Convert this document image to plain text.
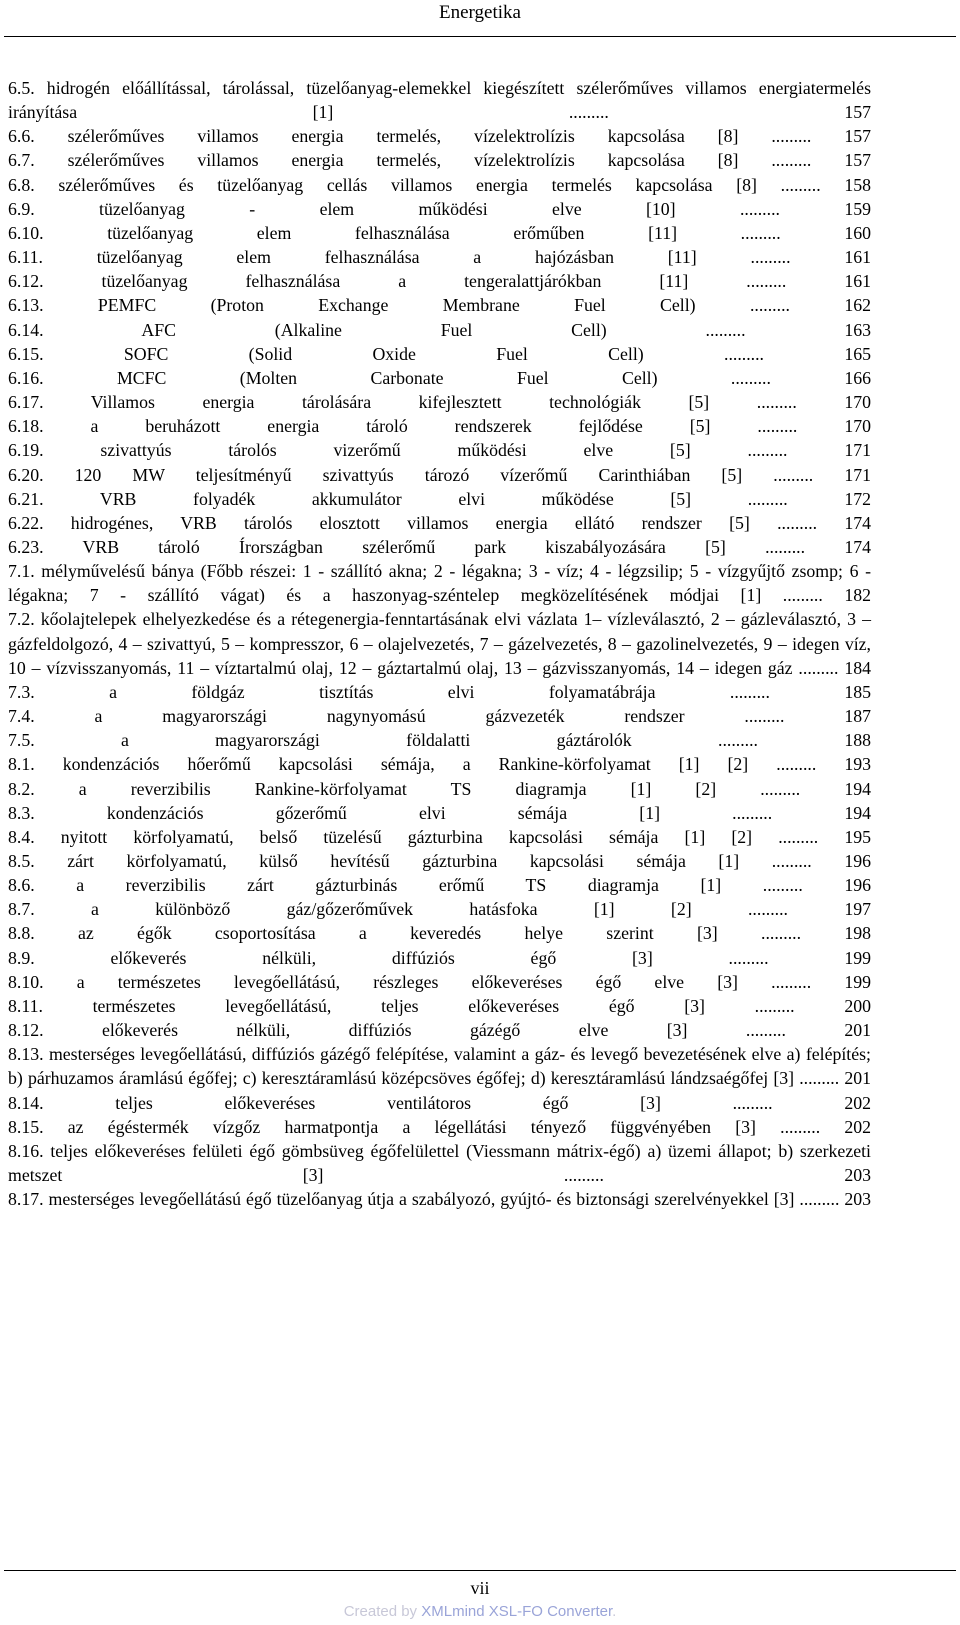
Energetika

6.5. hidrogén előállítással, tárolással, tüzelőanyag-elemekkel kiegészített szélerőműves villamos energiatermelés irányítása [1] ......... 157

6.6. szélerőműves villamos energia termelés, vízelektrolízis kapcsolása [8] ......... 157

6.7. szélerőműves villamos energia termelés, vízelektrolízis kapcsolása [8] ......... 157

6.8. szélerőműves és tüzelőanyag cellás villamos energia termelés kapcsolása [8] ......... 158

6.9. tüzelőanyag - elem működési elve [10] ......... 159

6.10. tüzelőanyag elem felhasználása erőműben [11] ......... 160

6.11. tüzelőanyag elem felhasználása a hajózásban [11] ......... 161

6.12. tüzelőanyag felhasználása a tengeralattjárókban [11] ......... 161

6.13. PEMFC (Proton Exchange Membrane Fuel Cell) ......... 162

6.14. AFC (Alkaline Fuel Cell) ......... 163

6.15. SOFC (Solid Oxide Fuel Cell) ......... 165

6.16. MCFC (Molten Carbonate Fuel Cell) ......... 166

6.17. Villamos energia tárolására kifejlesztett technológiák [5] ......... 170

6.18. a beruházott energia tároló rendszerek fejlődése [5] ......... 170

6.19. szivattyús tárolós vizerőmű működési elve [5] ......... 171

6.20. 120 MW teljesítményű szivattyús tározó vízerőmű Carinthiában [5] ......... 171

6.21. VRB folyadék akkumulátor elvi működése [5] ......... 172

6.22. hidrogénes, VRB tárolós elosztott villamos energia ellátó rendszer [5] ......... 174

6.23. VRB tároló Írországban szélerőmű park kiszabályozására [5] ......... 174

7.1. mélyművelésű bánya (Főbb részei: 1 - szállító akna; 2 - légakna; 3 - víz; 4 - légzsilip; 5 - vízgyűjtő zsomp; 6 - légakna; 7 - szállító vágat) és a haszonyag-széntelep megközelítésének módjai [1] ......... 182

7.2. kőolajtelepek elhelyezkedése és a rétegenergia-fenntartásának elvi vázlata 1– vízleválasztó, 2 – gázleválasztó, 3 – gázfeldolgozó, 4 – szivattyú, 5 – kompresszor, 6 – olajelvezetés, 7 – gázelvezetés, 8 – gazolinelvezetés, 9 – idegen víz, 10 – vízvisszanyomás, 11 – víztartalmú olaj, 12 – gáztartalmú olaj, 13 – gázvisszanyomás, 14 – idegen gáz ......... 184

7.3. a földgáz tisztítás elvi folyamatábrája ......... 185

7.4. a magyarországi nagynyomású gázvezeték rendszer ......... 187

7.5. a magyarországi földalatti gáztárolók ......... 188

8.1. kondenzációs hőerőmű kapcsolási sémája, a Rankine-körfolyamat [1] [2] ......... 193

8.2. a reverzibilis Rankine-körfolyamat TS diagramja [1] [2] ......... 194

8.3. kondenzációs gőzerőmű elvi sémája [1] ......... 194

8.4. nyitott körfolyamatú, belső tüzelésű gázturbina kapcsolási sémája [1] [2] ......... 195

8.5. zárt körfolyamatú, külső hevítésű gázturbina kapcsolási sémája [1] ......... 196

8.6. a reverzibilis zárt gázturbinás erőmű TS diagramja [1] ......... 196

8.7. a különböző gáz/gőzerőművek hatásfoka [1] [2] ......... 197

8.8. az égők csoportosítása a keveredés helye szerint [3] ......... 198

8.9. előkeverés nélküli, diffúziós égő [3] ......... 199

8.10. a természetes levegőellátású, részleges előkeveréses égő elve [3] ......... 199

8.11. természetes levegőellátású, teljes előkeveréses égő [3] ......... 200

8.12. előkeverés nélküli, diffúziós gázégő elve [3] ......... 201

8.13. mesterséges levegőellátású, diffúziós gázégő felépítése, valamint a gáz- és levegő bevezetésének elve a) felépítés; b) párhuzamos áramlású égőfej; c) keresztáramlású középcsöves égőfej; d) keresztáramlású lándzsaégőfej [3] ......... 201

8.14. teljes előkeveréses ventilátoros égő [3] ......... 202

8.15. az égéstermék vízgőz harmatpontja a légellátási tényező függvényében [3] ......... 202

8.16. teljes előkeveréses felületi égő gömbsüveg égőfelülettel (Viessmann mátrix-égő) a) üzemi állapot; b) szerkezeti metszet [3] ......... 203

8.17. mesterséges levegőellátású égő tüzelőanyag útja a szabályozó, gyújtó- és biztonsági szerelvényekkel [3] ......... 203

vii
Created by XMLmind XSL-FO Converter.
